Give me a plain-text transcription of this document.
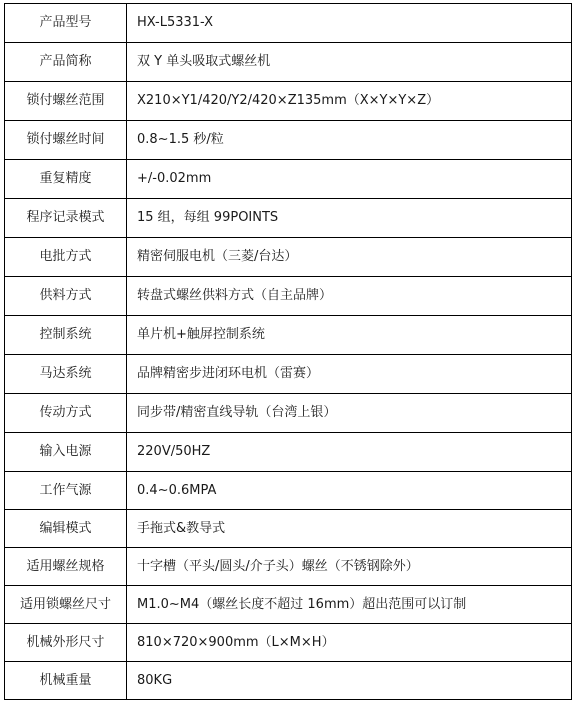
产品型号	HX-L5331-X
产品简称	双 Y 单头吸取式螺丝机
锁付螺丝范围	X210×Y1/420/Y2/420×Z135mm（X×Y×Y×Z）
锁付螺丝时间	0.8~1.5 秒/粒
重复精度	+/-0.02mm
程序记录模式	15 组，每组 99POINTS
电批方式	精密伺服电机（三菱/台达）
供料方式	转盘式螺丝供料方式（自主品牌）
控制系统	单片机+触屏控制系统
马达系统	品牌精密步进闭环电机（雷赛）
传动方式	同步带/精密直线导轨（台湾上银）
输入电源	220V/50HZ
工作气源	0.4~0.6MPA
编辑模式	手拖式&教导式
适用螺丝规格	十字槽（平头/圆头/介子头）螺丝（不锈钢除外）
适用锁螺丝尺寸	M1.0~M4（螺丝长度不超过 16mm）超出范围可以订制
机械外形尺寸	810×720×900mm（L×M×H）
机械重量	80KG
